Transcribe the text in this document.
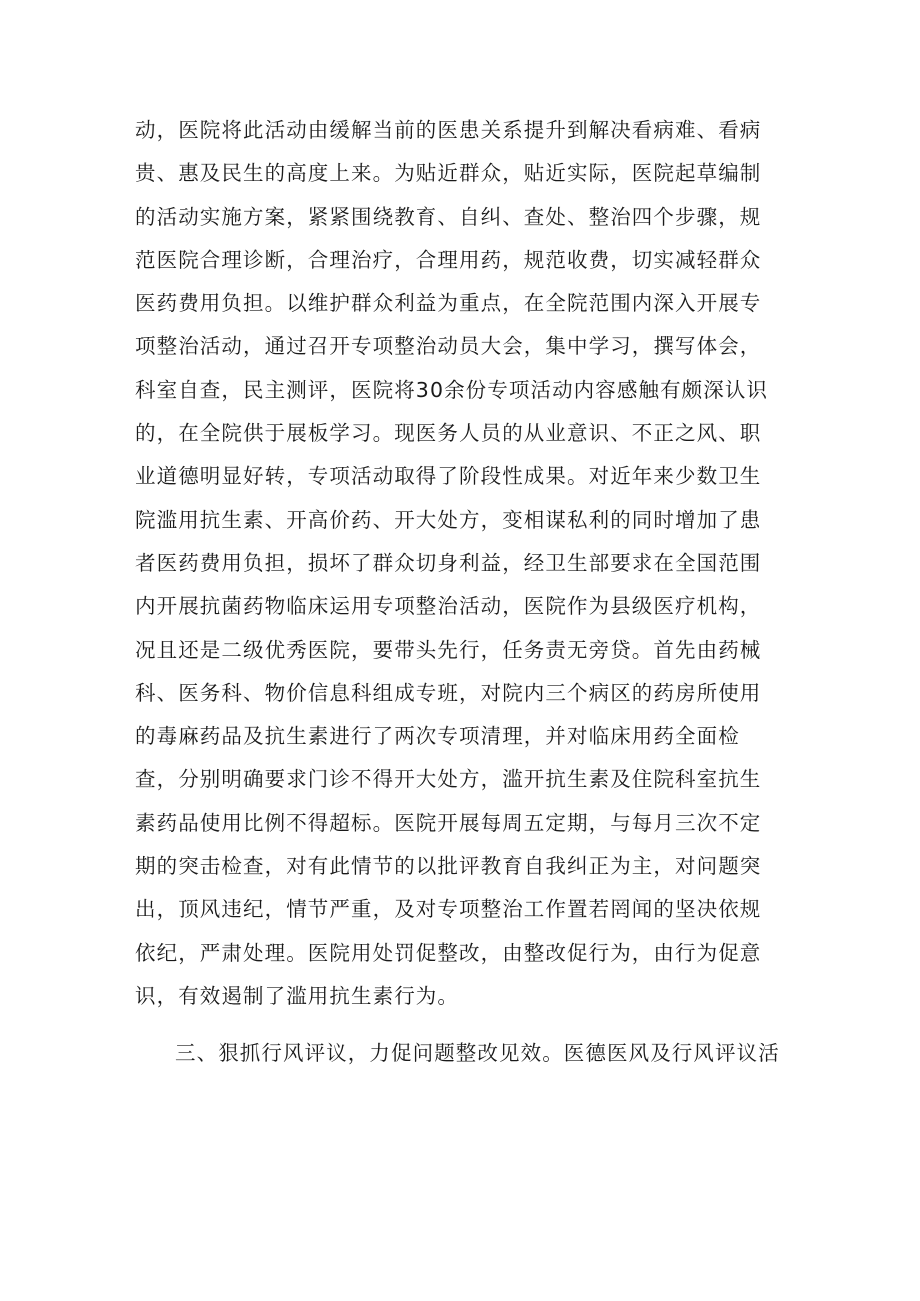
动，医院将此活动由缓解当前的医患关系提升到解决看病难、看病
贵、惠及民生的高度上来。为贴近群众，贴近实际，医院起草编制
的活动实施方案，紧紧围绕教育、自纠、查处、整治四个步骤，规
范医院合理诊断，合理治疗，合理用药，规范收费，切实减轻群众
医药费用负担。以维护群众利益为重点，在全院范围内深入开展专
项整治活动，通过召开专项整治动员大会，集中学习，撰写体会，
科室自查，民主测评，医院将30余份专项活动内容感触有颇深认识
的，在全院供于展板学习。现医务人员的从业意识、不正之风、职
业道德明显好转，专项活动取得了阶段性成果。对近年来少数卫生
院滥用抗生素、开高价药、开大处方，变相谋私利的同时增加了患
者医药费用负担，损坏了群众切身利益，经卫生部要求在全国范围
内开展抗菌药物临床运用专项整治活动，医院作为县级医疗机构，
况且还是二级优秀医院，要带头先行，任务责无旁贷。首先由药械
科、医务科、物价信息科组成专班，对院内三个病区的药房所使用
的毒麻药品及抗生素进行了两次专项清理，并对临床用药全面检
查，分别明确要求门诊不得开大处方，滥开抗生素及住院科室抗生
素药品使用比例不得超标。医院开展每周五定期，与每月三次不定
期的突击检查，对有此情节的以批评教育自我纠正为主，对问题突
出，顶风违纪，情节严重，及对专项整治工作置若罔闻的坚决依规
依纪，严肃处理。医院用处罚促整改，由整改促行为，由行为促意
识，有效遏制了滥用抗生素行为。
三、狠抓行风评议，力促问题整改见效。医德医风及行风评议活
